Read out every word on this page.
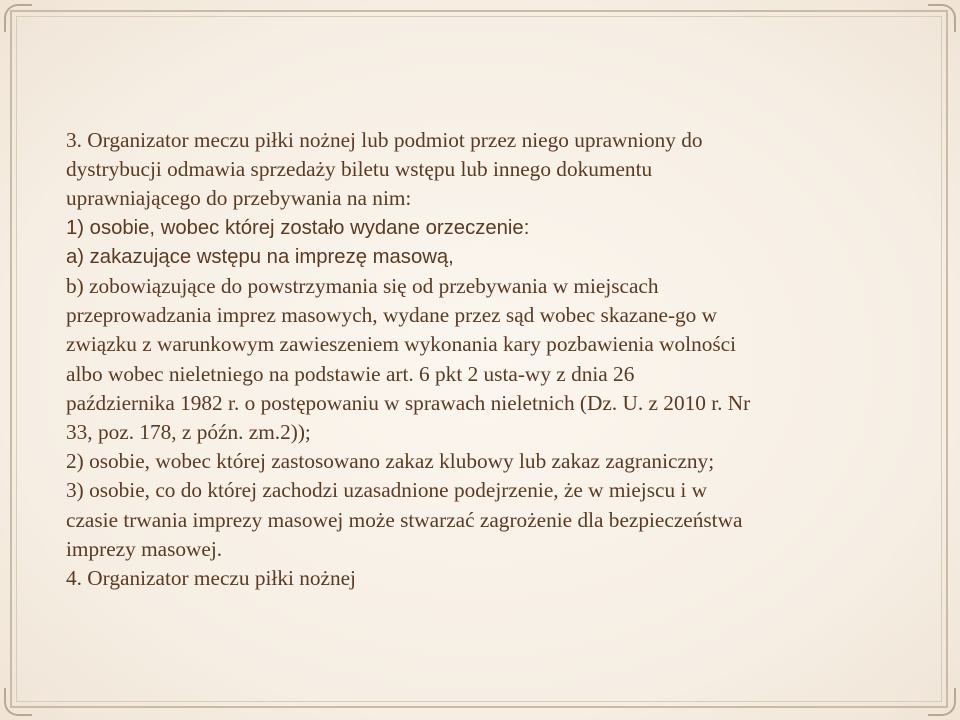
3. Organizator meczu piłki nożnej lub podmiot przez niego uprawniony do

dystrybucji odmawia sprzedaży biletu wstępu lub innego dokumentu

uprawniającego do przebywania na nim:

1) osobie, wobec której zostało wydane orzeczenie:

a) zakazujące wstępu na imprezę masową,

b) zobowiązujące do powstrzymania się od przebywania w miejscach

przeprowadzania imprez masowych, wydane przez sąd wobec skazane-go w

związku z warunkowym zawieszeniem wykonania kary pozbawienia wolności

albo wobec nieletniego na podstawie art. 6 pkt 2 usta-wy z dnia 26

października 1982 r. o postępowaniu w sprawach nieletnich (Dz. U. z 2010 r. Nr

33, poz. 178, z późn. zm.2));

2) osobie, wobec której zastosowano zakaz klubowy lub zakaz zagraniczny;

3) osobie, co do której zachodzi uzasadnione podejrzenie, że w miejscu i w

czasie trwania imprezy masowej może stwarzać zagrożenie dla bezpieczeństwa

imprezy masowej.

4. Organizator meczu piłki nożnej
